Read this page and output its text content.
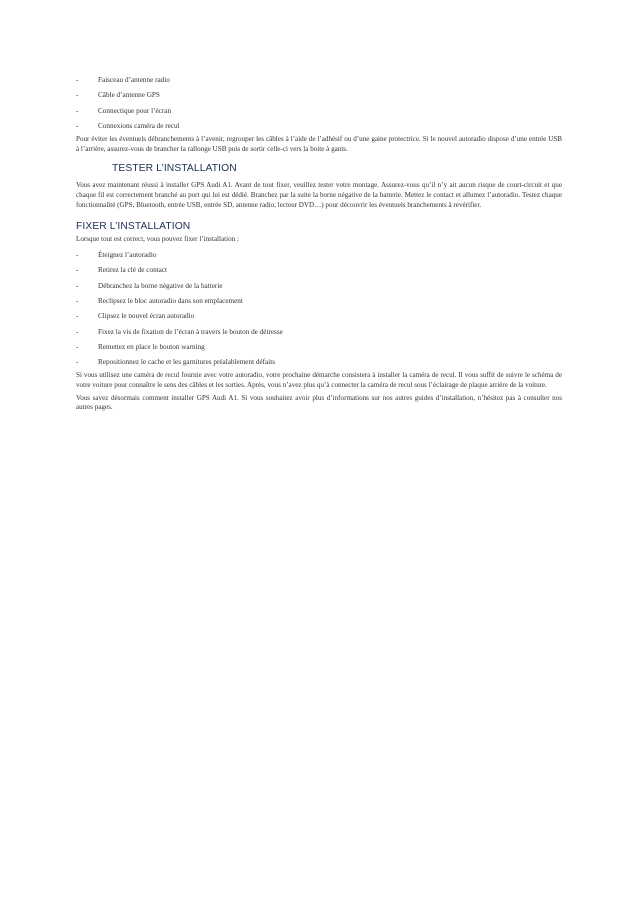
-	Faisceau d’antenne radio
-	Câble d’antenne GPS
-	Connectique pour l’écran
-	Connexions caméra de recul

Pour éviter les éventuels débranchements à l’avenir, regrouper les câbles à l’aide de l’adhésif ou d’une gaine protectrice. Si le nouvel autoradio dispose d’une entrée USB à l’arrière, assurez-vous de brancher la rallonge USB puis de sortir celle-ci vers la boite à gants.

TESTER L’INSTALLATION

Vous avez maintenant réussi à installer GPS Audi A1. Avant de tout fixer, veuillez tester votre montage. Assurez-vous qu’il n’y ait aucun risque de court-circuit et que chaque fil est correctement branché au port qui lui est dédié. Branchez par la suite la borne négative de la batterie. Mettez le contact et allumez l’autoradio. Testez chaque fonctionnalité (GPS, Bluetooth, entrée USB, entrée SD, antenne radio, lecteur DVD…) pour découvrir les éventuels branchements à revérifier.

FIXER L’INSTALLATION

Lorsque tout est correct, vous pouvez fixer l’installation :

-	Éteignez l’autoradio
-	Retirez la clé de contact
-	Débranchez la borne négative de la batterie
-	Reclipsez le bloc autoradio dans son emplacement
-	Clipsez le nouvel écran autoradio
-	Fixez la vis de fixation de l’écran à travers le bouton de détresse
-	Remettez en place le bouton warning
-	Repositionnez le cache et les garnitures préalablement défaits

Si vous utilisez une caméra de recul fournie avec votre autoradio, votre prochaine démarche consistera à installer la caméra de recul. Il vous suffit de suivre le schéma de votre voiture pour connaître le sens des câbles et les sorties. Après, vous n’avez plus qu’à connecter la caméra de recul sous l’éclairage de plaque arrière de la voiture.

Vous savez désormais comment installer GPS Audi A1. Si vous souhaitez avoir plus d’informations sur nos autres guides d’installation, n’hésitez pas à consulter nos autres pages.
